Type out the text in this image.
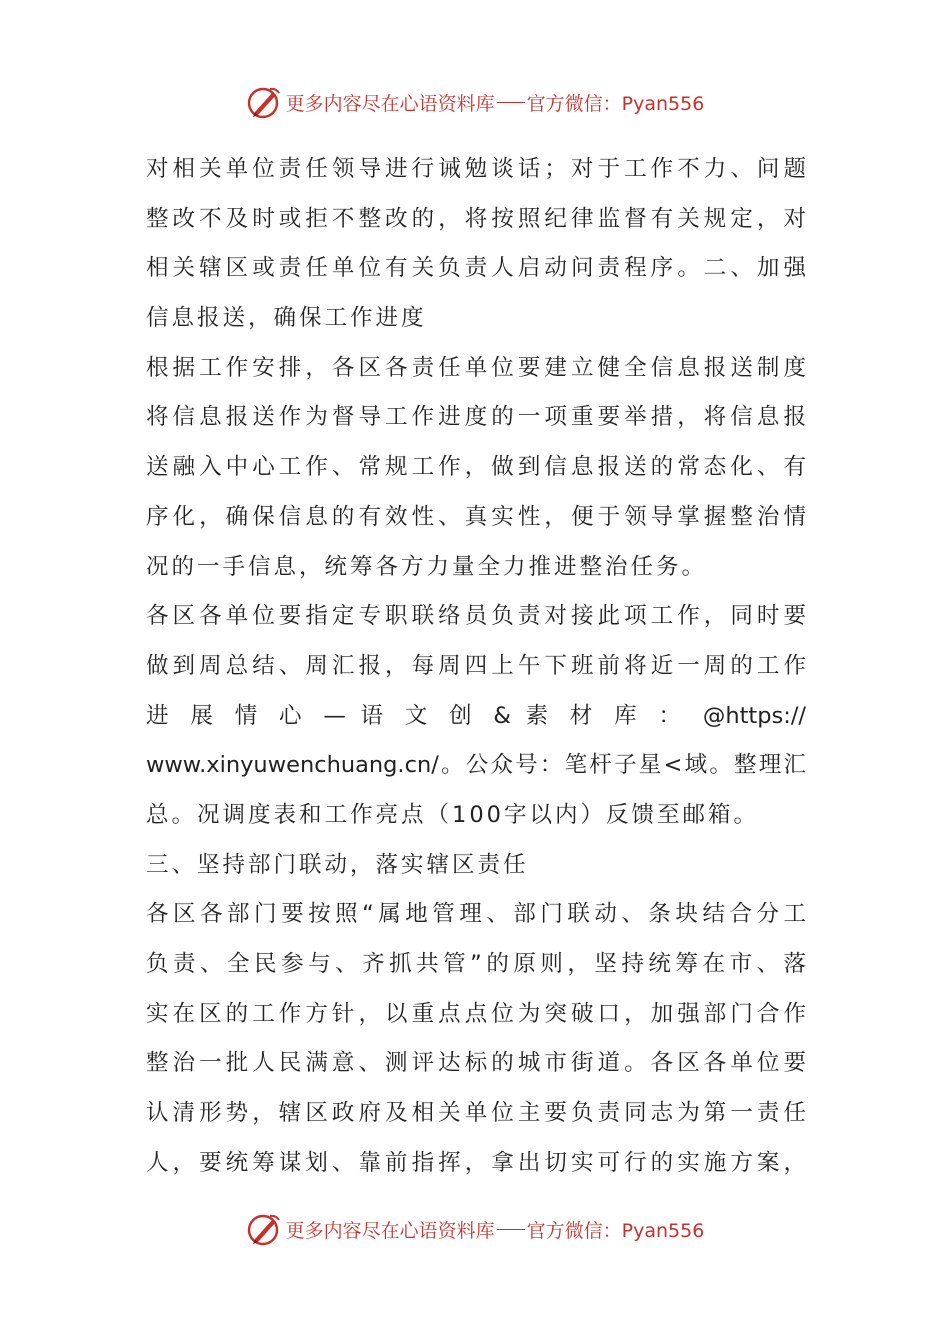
更多内容尽在心语资料库 官方微信：Pyan556
对相关单位责任领导进行诫勉谈话；对于工作不力、问题
整改不及时或拒不整改的，将按照纪律监督有关规定，对
相关辖区或责任单位有关负责人启动问责程序。二、加强
信息报送，确保工作进度
根据工作安排，各区各责任单位要建立健全信息报送制度
将信息报送作为督导工作进度的一项重要举措，将信息报
送融入中心工作、常规工作，做到信息报送的常态化、有
序化，确保信息的有效性、真实性，便于领导掌握整治情
况的一手信息，统筹各方力量全力推进整治任务。
各区各单位要指定专职联络员负责对接此项工作，同时要
做到周总结、周汇报，每周四上午下班前将近一周的工作
进 展 情 心 — 语 文 创 & 素 材 库 ： @https://
www.xinyuwenchuang.cn/。公众号：笔杆子星<域。整理汇
总。况调度表和工作亮点（100字以内）反馈至邮箱。
三、坚持部门联动，落实辖区责任
各区各部门要按照“属地管理、部门联动、条块结合分工
负责、全民参与、齐抓共管”的原则，坚持统筹在市、落
实在区的工作方针，以重点点位为突破口，加强部门合作
整治一批人民满意、测评达标的城市街道。各区各单位要
认清形势，辖区政府及相关单位主要负责同志为第一责任
人，要统筹谋划、靠前指挥，拿出切实可行的实施方案，
更多内容尽在心语资料库 官方微信：Pyan556
